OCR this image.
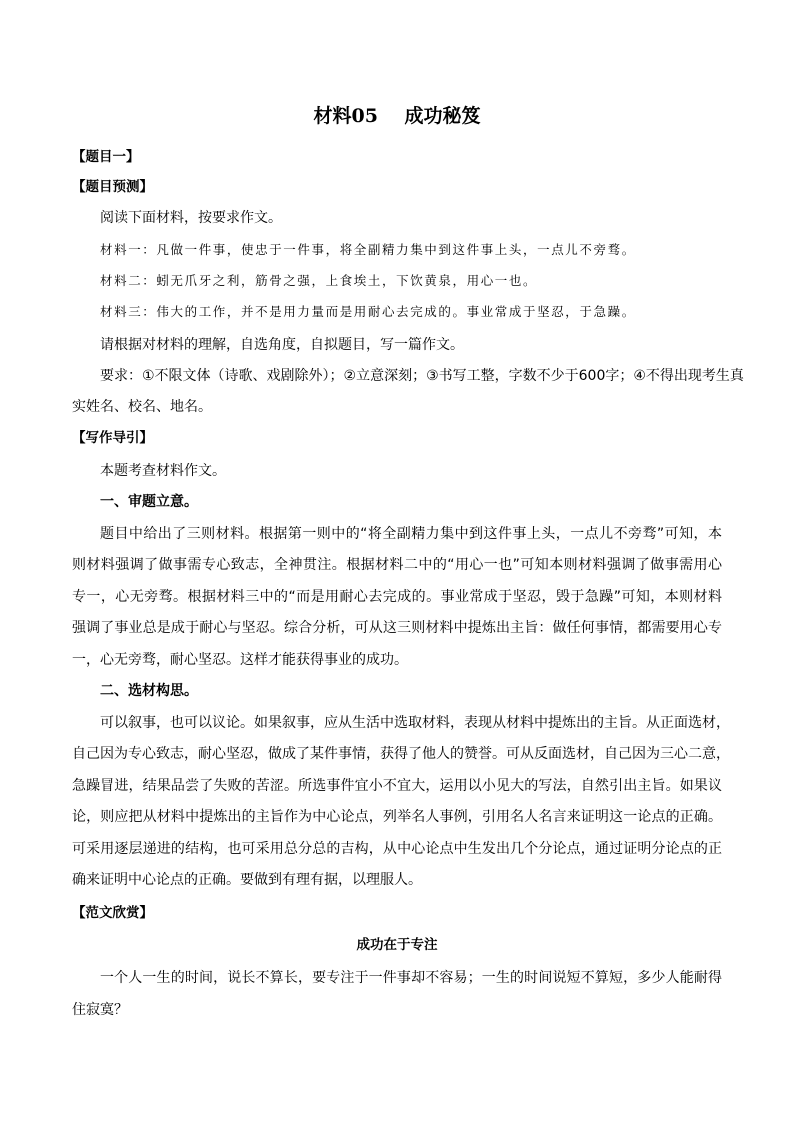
材料05    成功秘笈
【题目一】
【题目预测】
阅读下面材料，按要求作文。
材料一：凡做一件事，使忠于一件事，将全副精力集中到这件事上头，一点儿不旁骛。
材料二：蚓无爪牙之利，筋骨之强，上食埃土，下饮黄泉，用心一也。
材料三：伟大的工作，并不是用力量而是用耐心去完成的。事业常成于坚忍，于急躁。
请根据对材料的理解，自选角度，自拟题目，写一篇作文。
要求：①不限文体（诗歌、戏剧除外）；②立意深刻；③书写工整，字数不少于600字；④不得出现考生真
实姓名、校名、地名。
【写作导引】
本题考查材料作文。
一、审题立意。
题目中给出了三则材料。根据第一则中的“将全副精力集中到这件事上头，一点儿不旁骛”可知，本
则材料强调了做事需专心致志，全神贯注。根据材料二中的“用心一也”可知本则材料强调了做事需用心
专一，心无旁骛。根据材料三中的“而是用耐心去完成的。事业常成于坚忍，毁于急躁”可知，本则材料
强调了事业总是成于耐心与坚忍。综合分析，可从这三则材料中提炼出主旨：做任何事情，都需要用心专
一，心无旁骛，耐心坚忍。这样才能获得事业的成功。
二、选材构思。
可以叙事，也可以议论。如果叙事，应从生活中选取材料，表现从材料中提炼出的主旨。从正面选材，
自己因为专心致志，耐心坚忍，做成了某件事情，获得了他人的赞誉。可从反面选材，自己因为三心二意，
急躁冒进，结果品尝了失败的苦涩。所选事件宜小不宜大，运用以小见大的写法，自然引出主旨。如果议
论，则应把从材料中提炼出的主旨作为中心论点，列举名人事例，引用名人名言来证明这一论点的正确。
可采用逐层递进的结构，也可采用总分总的吉构，从中心论点中生发出几个分论点，通过证明分论点的正
确来证明中心论点的正确。要做到有理有据，以理服人。
【范文欣赏】
成功在于专注
一个人一生的时间，说长不算长，要专注于一件事却不容易；一生的时间说短不算短，多少人能耐得
住寂寞？
